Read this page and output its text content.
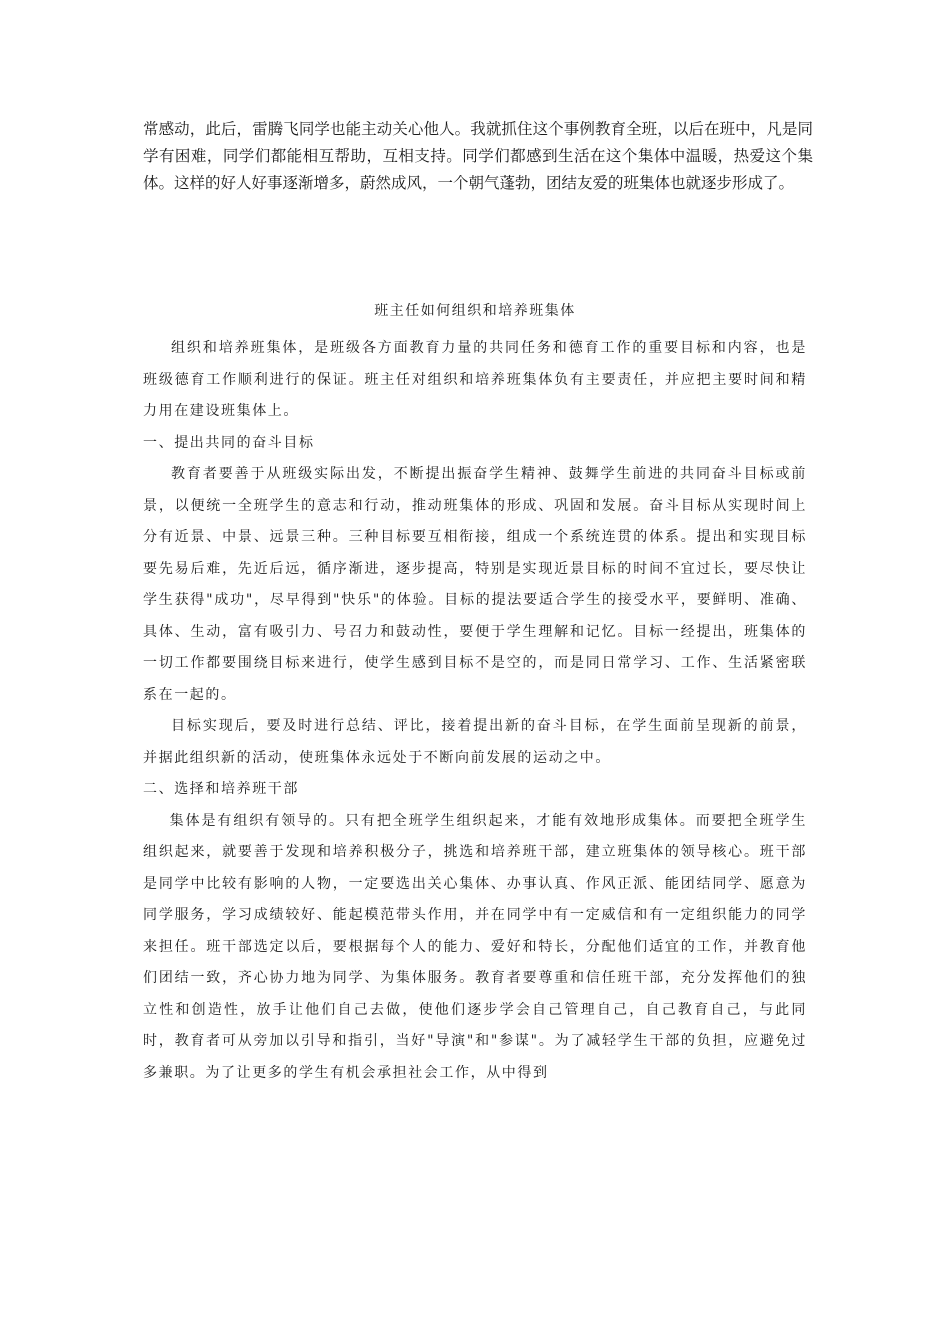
常感动，此后，雷腾飞同学也能主动关心他人。我就抓住这个事例教育全班，以后在班中，凡是同学有困难，同学们都能相互帮助，互相支持。同学们都感到生活在这个集体中温暖，热爱这个集体。这样的好人好事逐渐增多，蔚然成风，一个朝气蓬勃，团结友爱的班集体也就逐步形成了。

班主任如何组织和培养班集体

组织和培养班集体，是班级各方面教育力量的共同任务和德育工作的重要目标和内容，也是班级德育工作顺利进行的保证。班主任对组织和培养班集体负有主要责任，并应把主要时间和精力用在建设班集体上。

一、提出共同的奋斗目标

教育者要善于从班级实际出发，不断提出振奋学生精神、鼓舞学生前进的共同奋斗目标或前景，以便统一全班学生的意志和行动，推动班集体的形成、巩固和发展。奋斗目标从实现时间上分有近景、中景、远景三种。三种目标要互相衔接，组成一个系统连贯的体系。提出和实现目标要先易后难，先近后远，循序渐进，逐步提高，特别是实现近景目标的时间不宜过长，要尽快让学生获得"成功"，尽早得到"快乐"的体验。目标的提法要适合学生的接受水平，要鲜明、准确、具体、生动，富有吸引力、号召力和鼓动性，要便于学生理解和记忆。目标一经提出，班集体的一切工作都要围绕目标来进行，使学生感到目标不是空的，而是同日常学习、工作、生活紧密联系在一起的。

目标实现后，要及时进行总结、评比，接着提出新的奋斗目标，在学生面前呈现新的前景，并据此组织新的活动，使班集体永远处于不断向前发展的运动之中。

二、选择和培养班干部

集体是有组织有领导的。只有把全班学生组织起来，才能有效地形成集体。而要把全班学生组织起来，就要善于发现和培养积极分子，挑选和培养班干部，建立班集体的领导核心。班干部是同学中比较有影响的人物，一定要选出关心集体、办事认真、作风正派、能团结同学、愿意为同学服务，学习成绩较好、能起模范带头作用，并在同学中有一定威信和有一定组织能力的同学来担任。班干部选定以后，要根据每个人的能力、爱好和特长，分配他们适宜的工作，并教育他们团结一致，齐心协力地为同学、为集体服务。教育者要尊重和信任班干部，充分发挥他们的独立性和创造性，放手让他们自己去做，使他们逐步学会自己管理自己，自己教育自己，与此同时，教育者可从旁加以引导和指引，当好"导演"和"参谋"。为了减轻学生干部的负担，应避免过多兼职。为了让更多的学生有机会承担社会工作，从中得到
